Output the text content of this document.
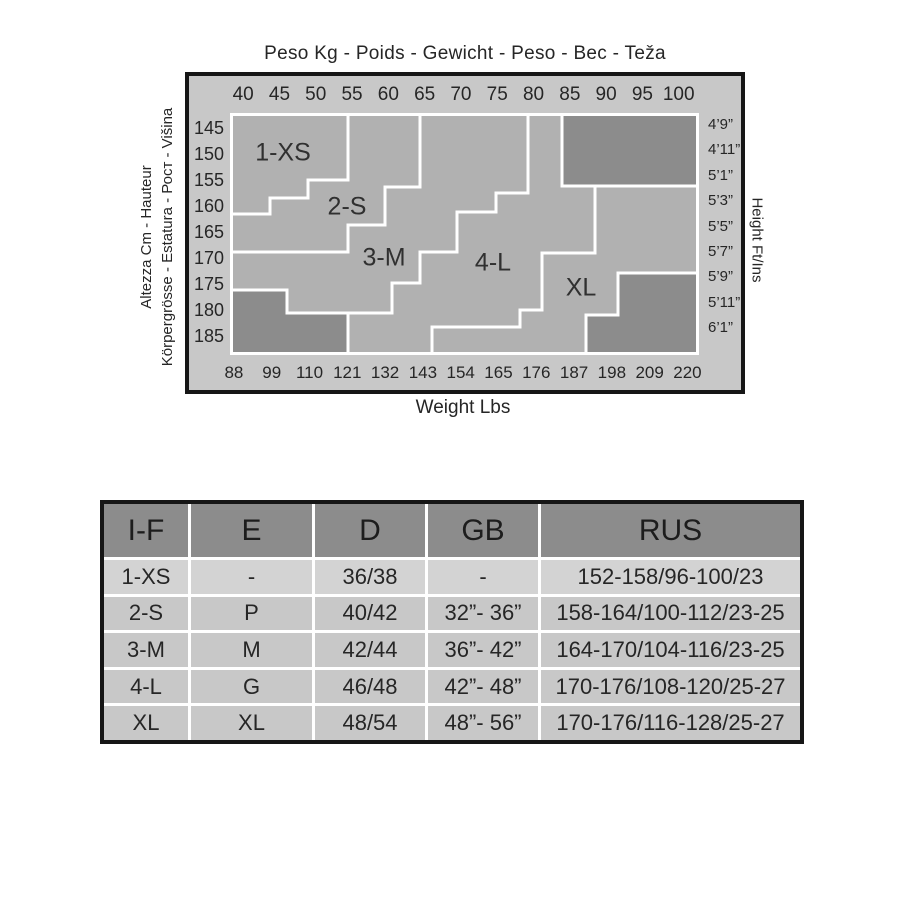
Peso Kg - Poids - Gewicht - Peso - Bec - Teža
40 45 50 55 60 65 70 75 80 85 90 95 100
88	99 110 121 132 143 154 165 176 187 198 209 220
145
150
155
160
165
170
175
180
185
4’9”
4’11”
5’1”
5’3”
5’5”
5’7”
5’9”
5’11”
6’1”
1-XS
2-S
3-M	4-L
XL
Altezza Cm - Hauteur Körpergrösse - Estatura - Рост - Višina	Height Ft/Ins
Weight Lbs
I-F	E	D	GB	RUS
1-XS	-	36/38	-	152-158/96-100/23
2-S	P	40/42	32”- 36”	158-164/100-112/23-25
3-M	M	42/44	36”- 42”	164-170/104-116/23-25
4-L	G	46/48	42”- 48”	170-176/108-120/25-27
XL	XL	48/54	48”- 56”	170-176/116-128/25-27
